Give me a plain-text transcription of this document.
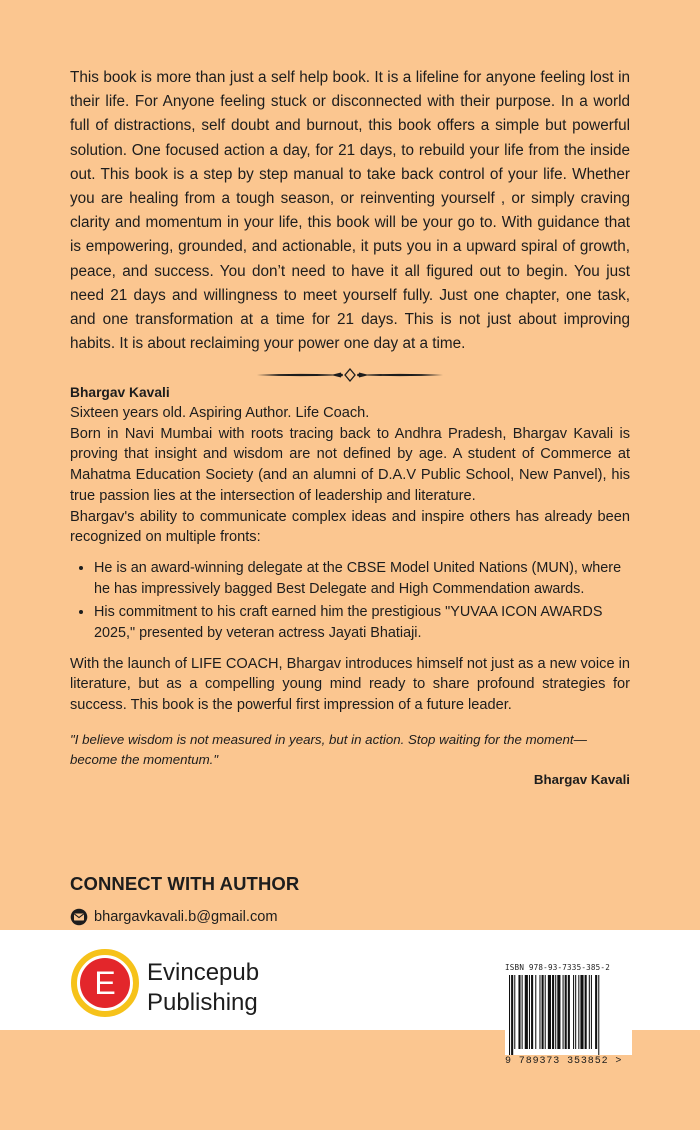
This book is more than just a self help book. It is a lifeline for anyone feeling lost in their life. For Anyone feeling stuck or disconnected with their purpose. In a world full of distractions, self doubt and burnout, this book offers a simple but powerful solution. One focused action a day, for 21 days, to rebuild your life from the inside out. This book is a step by step manual to take back control of your life. Whether you are healing from a tough season, or reinventing yourself , or simply craving clarity and momentum in your life, this book will be your go to. With guidance that is empowering, grounded, and actionable, it puts you in a upward spiral of growth, peace, and success. You don’t need to have it all figured out to begin. You just need 21 days and willingness to meet yourself fully. Just one chapter, one task, and one transformation at a time for 21 days. This is not just about improving habits. It is about reclaiming your power one day at a time.

Bhargav Kavali

Sixteen years old. Aspiring Author. Life Coach.

Born in Navi Mumbai with roots tracing back to Andhra Pradesh, Bhargav Kavali is proving that insight and wisdom are not defined by age. A student of Commerce at Mahatma Education Society (and an alumni of D.A.V Public School, New Panvel), his true passion lies at the intersection of leadership and literature.

Bhargav's ability to communicate complex ideas and inspire others has already been recognized on multiple fronts:

• He is an award-winning delegate at the CBSE Model United Nations (MUN), where he has impressively bagged Best Delegate and High Commendation awards.
• His commitment to his craft earned him the prestigious "YUVAA ICON AWARDS 2025," presented by veteran actress Jayati Bhatiaji.

With the launch of LIFE COACH, Bhargav introduces himself not just as a new voice in literature, but as a compelling young mind ready to share profound strategies for success. This book is the powerful first impression of a future leader.

"I believe wisdom is not measured in years, but in action. Stop waiting for the moment—become the momentum."

Bhargav Kavali

CONNECT WITH AUTHOR

bhargavkavali.b@gmail.com
E Evincepub
Publishing
ISBN 978-93-7335-385-2
9 789373 353852 >
